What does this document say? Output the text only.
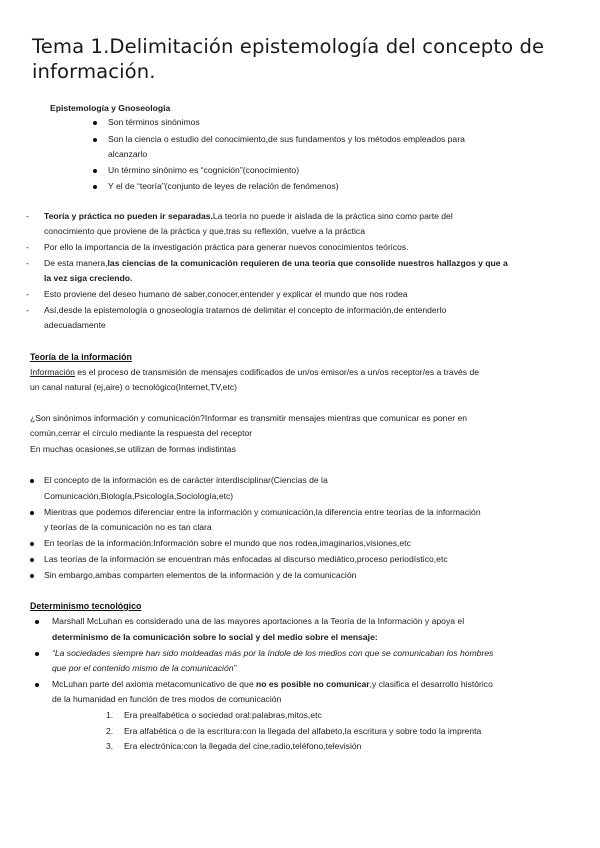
Tema 1.Delimitación epistemología del concepto de información.
Epistemología y Gnoseología
Son términos sinónimos
Son la ciencia o estudio del conocimiento,de sus fundamentos y los métodos empleados para
alcanzarlo
Un término sinónimo es “cognición”(conocimiento)
Y el de “teoría”(conjunto de leyes de relación de fenómenos)
- Teoría y práctica no pueden ir separadas.La teoría no puede ir aislada de la práctica sino como parte del
conocimiento que proviene de la práctica y que,tras su reflexión, vuelve a la práctica
- Por ello la importancia de la investigación práctica para generar nuevos conocimientos teóricos.
- De esta manera,las ciencias de la comunicación requieren de una teoría que consolide nuestros hallazgos y que a
la vez siga creciendo.
- Esto proviene del deseo humano de saber,conocer,entender y explicar el mundo que nos rodea
- Así,desde la epistemología o gnoseología tratamos de delimitar el concepto de información,de entenderlo
adecuadamente
Teoría de la información
Información es el proceso de transmisión de mensajes codificados de un/os emisor/es a un/os receptor/es a través de
un canal natural (ej,aire) o tecnológico(Internet,TV,etc)
¿Son sinónimos información y comunicación?Informar es transmitir mensajes mientras que comunicar es poner en
común,cerrar el círculo mediante la respuesta del receptor
En muchas ocasiones,se utilizan de formas indistintas
El concepto de la información es de carácter interdisciplinar(Ciencias de la
Comunicación,Biología,Psicología,Sociología,etc)
Mientras que podemos diferenciar entre la información y comunicación,la diferencia entre teorías de la información
y teorías de la comunicación no es tan clara
En teorías de la información:Información sobre el mundo que nos rodea,imaginarios,visiones,etc
Las teorías de la información se encuentran más enfocadas al discurso mediático,proceso periodístico,etc
Sin embargo,ambas comparten elementos de la información y de la comunicación
Determinismo tecnológico
Marshall McLuhan es considerado una de las mayores aportaciones a la Teoría de la Información y apoya el
determinismo de la comunicación sobre lo social y del medio sobre el mensaje:
“La sociedades siempre han sido moldeadas más por la índole de los medios con que se comunicaban los hombres
que por el contenido mismo de la comunicación”
McLuhan parte del axioma metacomunicativo de que no es posible no comunicar,y clasifica el desarrollo histórico
de la humanidad en función de tres modos de comunicación
1. Era prealfabética o sociedad oral:palabras,mitos,etc
2. Era alfabética o de la escritura:con la llegada del alfabeto,la escritura y sobre todo la imprenta
3. Era electrónica:con la llegada del cine,radio,teléfono,televisión
